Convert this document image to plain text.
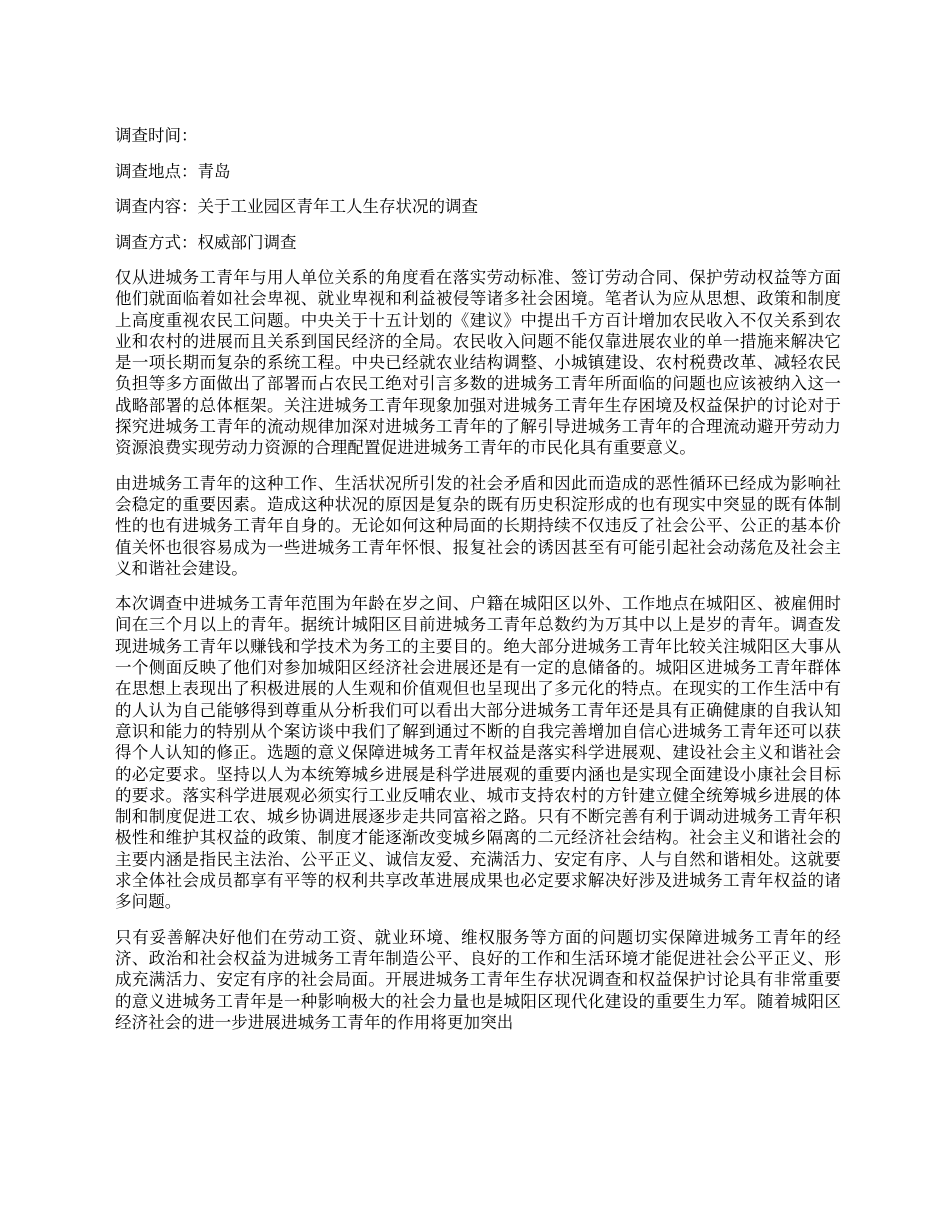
调查时间：
调查地点：青岛
调查内容：关于工业园区青年工人生存状况的调查
调查方式：权威部门调查

仅从进城务工青年与用人单位关系的角度看在落实劳动标准、签订劳动合同、保护劳动权益等方面他们就面临着如社会卑视、就业卑视和利益被侵等诸多社会困境。笔者认为应从思想、政策和制度上高度重视农民工问题。中央关于十五计划的《建议》中提出千方百计增加农民收入不仅关系到农业和农村的进展而且关系到国民经济的全局。农民收入问题不能仅靠进展农业的单一措施来解决它是一项长期而复杂的系统工程。中央已经就农业结构调整、小城镇建设、农村税费改革、减轻农民负担等多方面做出了部署而占农民工绝对引言多数的进城务工青年所面临的问题也应该被纳入这一战略部署的总体框架。关注进城务工青年现象加强对进城务工青年生存困境及权益保护的讨论对于探究进城务工青年的流动规律加深对进城务工青年的了解引导进城务工青年的合理流动避开劳动力资源浪费实现劳动力资源的合理配置促进进城务工青年的市民化具有重要意义。

由进城务工青年的这种工作、生活状况所引发的社会矛盾和因此而造成的恶性循环已经成为影响社会稳定的重要因素。造成这种状况的原因是复杂的既有历史积淀形成的也有现实中突显的既有体制性的也有进城务工青年自身的。无论如何这种局面的长期持续不仅违反了社会公平、公正的基本价值关怀也很容易成为一些进城务工青年怀恨、报复社会的诱因甚至有可能引起社会动荡危及社会主义和谐社会建设。

本次调查中进城务工青年范围为年龄在岁之间、户籍在城阳区以外、工作地点在城阳区、被雇佣时间在三个月以上的青年。据统计城阳区目前进城务工青年总数约为万其中以上是岁的青年。调查发现进城务工青年以赚钱和学技术为务工的主要目的。绝大部分进城务工青年比较关注城阳区大事从一个侧面反映了他们对参加城阳区经济社会进展还是有一定的息储备的。城阳区进城务工青年群体在思想上表现出了积极进展的人生观和价值观但也呈现出了多元化的特点。在现实的工作生活中有的人认为自己能够得到尊重从分析我们可以看出大部分进城务工青年还是具有正确健康的自我认知意识和能力的特别从个案访谈中我们了解到通过不断的自我完善增加自信心进城务工青年还可以获得个人认知的修正。选题的意义保障进城务工青年权益是落实科学进展观、建设社会主义和谐社会的必定要求。坚持以人为本统筹城乡进展是科学进展观的重要内涵也是实现全面建设小康社会目标的要求。落实科学进展观必须实行工业反哺农业、城市支持农村的方针建立健全统筹城乡进展的体制和制度促进工农、城乡协调进展逐步走共同富裕之路。只有不断完善有利于调动进城务工青年积极性和维护其权益的政策、制度才能逐渐改变城乡隔离的二元经济社会结构。社会主义和谐社会的主要内涵是指民主法治、公平正义、诚信友爱、充满活力、安定有序、人与自然和谐相处。这就要求全体社会成员都享有平等的权利共享改革进展成果也必定要求解决好涉及进城务工青年权益的诸多问题。

只有妥善解决好他们在劳动工资、就业环境、维权服务等方面的问题切实保障进城务工青年的经济、政治和社会权益为进城务工青年制造公平、良好的工作和生活环境才能促进社会公平正义、形成充满活力、安定有序的社会局面。开展进城务工青年生存状况调查和权益保护讨论具有非常重要的意义进城务工青年是一种影响极大的社会力量也是城阳区现代化建设的重要生力军。随着城阳区经济社会的进一步进展进城务工青年的作用将更加突出
